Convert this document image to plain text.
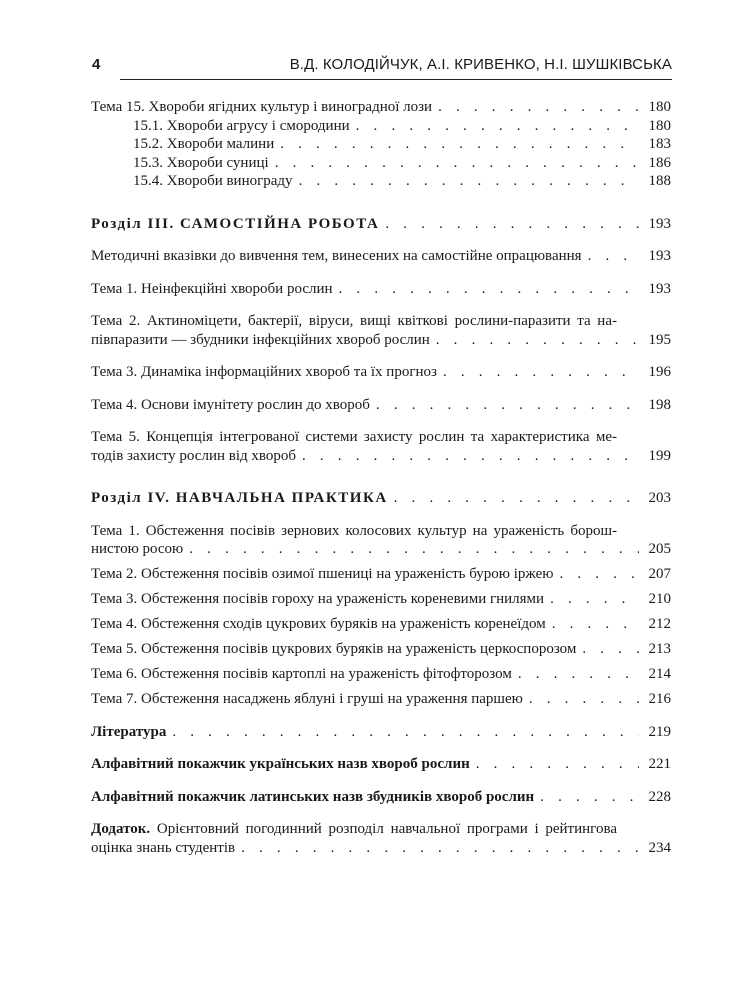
4	В.Д. КОЛОДІЙЧУК, А.І. КРИВЕНКО, Н.І. ШУШКІВСЬКА
Тема 15. Хвороби ягідних культур і виноградної лози . . .	180
15.1. Хвороби агрусу і смородини . . .	180
15.2. Хвороби малини . . .	183
15.3. Хвороби суниці . . .	186
15.4. Хвороби винограду . . .	188
Розділ ІІІ. САМОСТІЙНА РОБОТА . . .	193
Методичні вказівки до вивчення тем, винесених на самостійне опрацювання . . .	193
Тема 1. Неінфекційні хвороби рослин . . .	193
Тема 2. Актиноміцети, бактерії, віруси, вищі квіткові рослини-паразити та на-
півпаразити — збудники інфекційних хвороб рослин . . .	195
Тема 3. Динаміка інформаційних хвороб та їх прогноз . . .	196
Тема 4. Основи імунітету рослин до хвороб . . .	198
Тема 5. Концепція інтегрованої системи захисту рослин та характеристика ме-
тодів захисту рослин від хвороб . . .	199
Розділ IV. НАВЧАЛЬНА ПРАКТИКА . . .	203
Тема 1. Обстеження посівів зернових колосових культур на ураженість борош-
нистою росою . . .	205
Тема 2. Обстеження посівів озимої пшениці на ураженість бурою іржею . . .	207
Тема 3. Обстеження посівів гороху на ураженість кореневими гнилями . . .	210
Тема 4. Обстеження сходів цукрових буряків на ураженість коренеїдом . . .	212
Тема 5. Обстеження посівів цукрових буряків на ураженість церкоспорозом . . .	213
Тема 6. Обстеження посівів картоплі на ураженість фітофторозом . . .	214
Тема 7. Обстеження насаджень яблуні і груші на ураження паршею . . .	216
Література . . .	219
Алфавітний покажчик українських назв хвороб рослин . . .	221
Алфавітний покажчик латинських назв збудників хвороб рослин . . .	228
Додаток. Орієнтовний погодинний розподіл навчальної програми і рейтингова
оцінка знань студентів . . .	234
